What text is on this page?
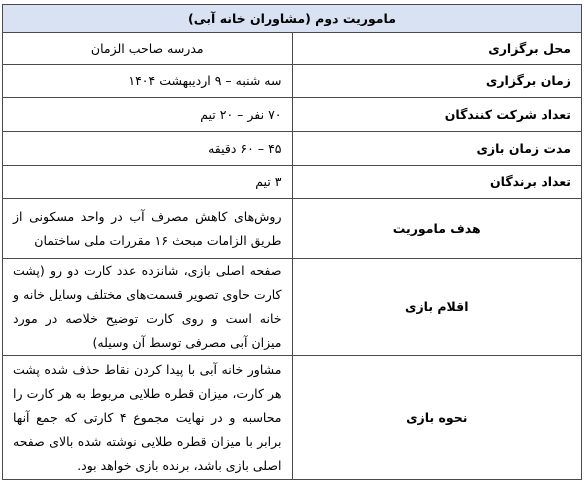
ماموریت دوم (مشاوران خانه آبی)	
محل برگزاری	مدرسه صاحب الزمان
زمان برگزاری	سه شنبه – ۹ اردیبهشت ۱۴۰۴
تعداد شرکت کنندگان	۷۰ نفر – ۲۰ تیم
مدت زمان بازی	۴۵ – ۶۰ دقیقه
تعداد برندگان	۳ تیم
هدف ماموریت	روش‌های کاهش مصرف آب در واحد مسکونی از طریق الزامات مبحث ۱۶ مقررات ملی ساختمان
اقلام بازی	صفحه اصلی بازی، شانزده عدد کارت دو رو (پشت کارت حاوی تصویر قسمت‌های مختلف وسایل خانه و خانه است و روی کارت توضیح خلاصه در مورد میزان آبی مصرفی توسط آن وسیله)
نحوه بازی	مشاور خانه آبی با پیدا کردن نقاط حذف شده پشت هر کارت، میزان قطره طلایی مربوط به هر کارت را محاسبه و در نهایت مجموع ۴ کارتی که جمع آنها برابر با میزان قطره طلایی نوشته شده بالای صفحه اصلی بازی باشد، برنده بازی خواهد بود.
